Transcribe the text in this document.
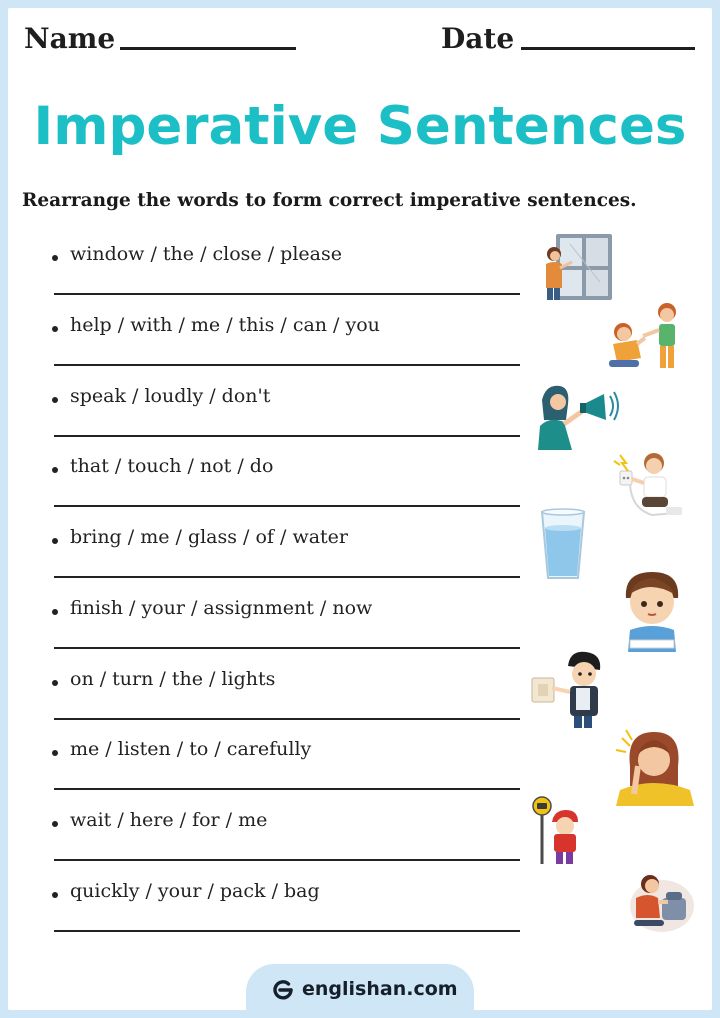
Name	Date
Imperative Sentences
Rearrange the words to form correct imperative sentences.
window / the / close / please
help / with / me / this / can / you
speak / loudly / don't
that / touch / not / do
bring / me / glass / of / water
finish / your / assignment / now
on / turn / the / lights
me / listen / to / carefully
wait / here / for / me
quickly / your / pack / bag
englishan.com
